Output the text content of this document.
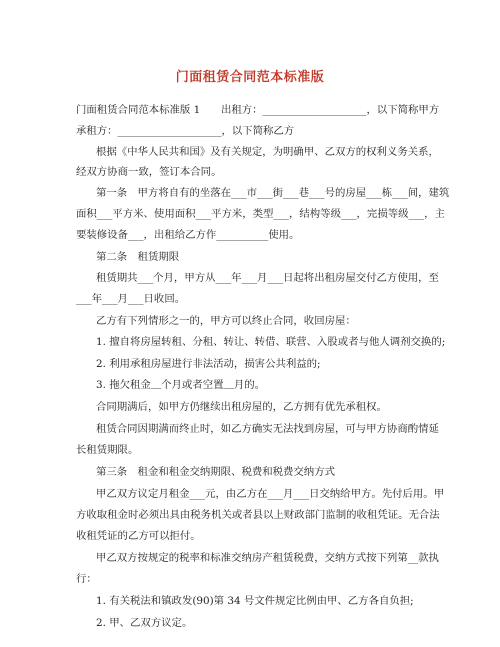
门面租赁合同范本标准版
门面租赁合同范本标准版 1　　出租方：____________________，以下简称甲方
承租方：____________________，以下简称乙方
根据《中华人民共和国》及有关规定，为明确甲、乙双方的权利义务关系，
经双方协商一致，签订本合同。
第一条　甲方将自有的坐落在___市___街___巷___号的房屋___栋___间，建筑
面积___平方米、使用面积___平方米，类型___，结构等级___，完损等级___，主
要装修设备___，出租给乙方作__________使用。
第二条　租赁期限
租赁期共___个月，甲方从___年___月___日起将出租房屋交付乙方使用，至
___年___月___日收回。
乙方有下列情形之一的，甲方可以终止合同，收回房屋：
1. 擅自将房屋转租、分租、转让、转借、联营、入股或者与他人调剂交换的;
2. 利用承租房屋进行非法活动，损害公共利益的;
3. 拖欠租金＿个月或者空置＿月的。
合同期满后，如甲方仍继续出租房屋的，乙方拥有优先承租权。
租赁合同因期满而终止时，如乙方确实无法找到房屋，可与甲方协商酌情延
长租赁期限。
第三条　租金和租金交纳期限、税费和税费交纳方式
甲乙双方议定月租金___元，由乙方在___月___日交纳给甲方。先付后用。甲
方收取租金时必须出具由税务机关或者县以上财政部门监制的收租凭证。无合法
收租凭证的乙方可以拒付。
甲乙双方按规定的税率和标准交纳房产租赁税费，交纳方式按下列第__款执
行：
1. 有关税法和镇政发(90)第 34 号文件规定比例由甲、乙方各自负担;
2. 甲、乙双方议定。
